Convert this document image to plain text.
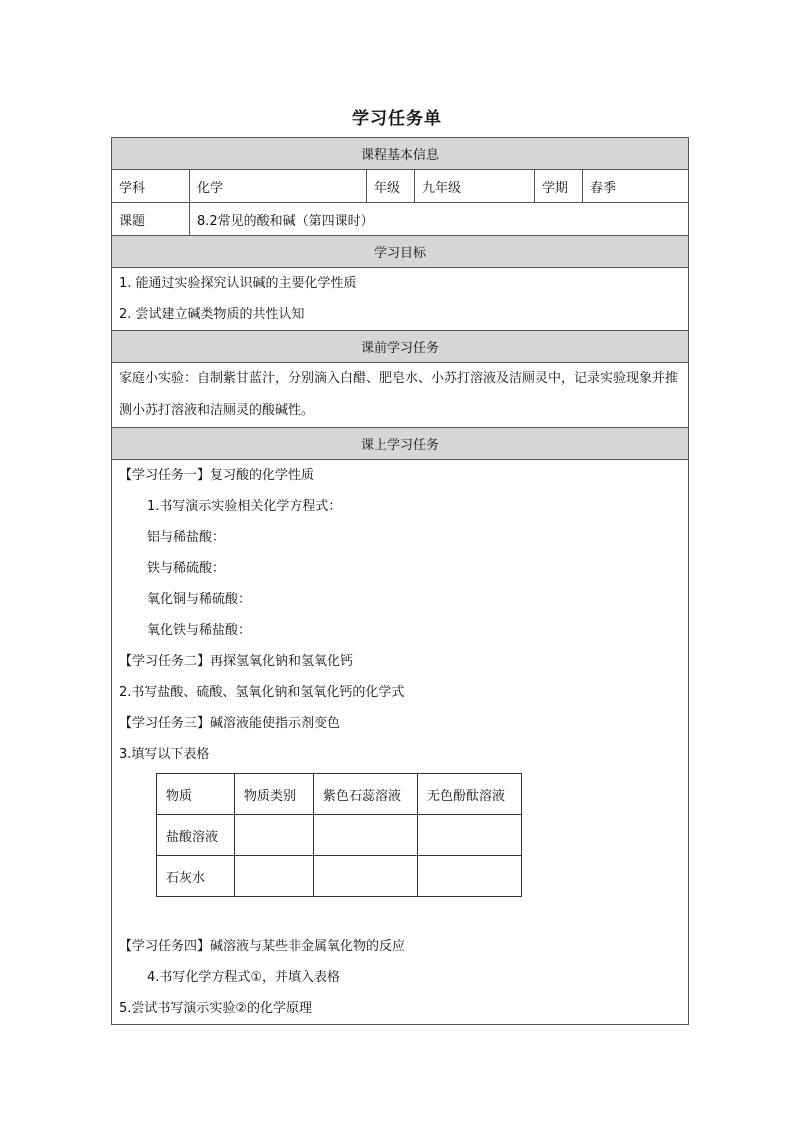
学习任务单
课程基本信息
学科	化学	年级	九年级	学期	春季
课题	8.2常见的酸和碱（第四课时）
学习目标

1. 能通过实验探究认识碱的主要化学性质
2. 尝试建立碱类物质的共性认知

课前学习任务

家庭小实验：自制紫甘蓝汁，分别滴入白醋、肥皂水、小苏打溶液及洁厕灵中，记录实验现象并推测小苏打溶液和洁厕灵的酸碱性。

课上学习任务

【学习任务一】复习酸的化学性质
1.书写演示实验相关化学方程式：
铝与稀盐酸：
铁与稀硫酸：
氧化铜与稀硫酸：
氧化铁与稀盐酸：
【学习任务二】再探氢氧化钠和氢氧化钙
2.书写盐酸、硫酸、氢氧化钠和氢氧化钙的化学式
【学习任务三】碱溶液能使指示剂变色
3.填写以下表格
物质	物质类别	紫色石蕊溶液	无色酚酞溶液
盐酸溶液			
石灰水			
【学习任务四】碱溶液与某些非金属氧化物的反应
4.书写化学方程式①，并填入表格
5.尝试书写演示实验②的化学原理
